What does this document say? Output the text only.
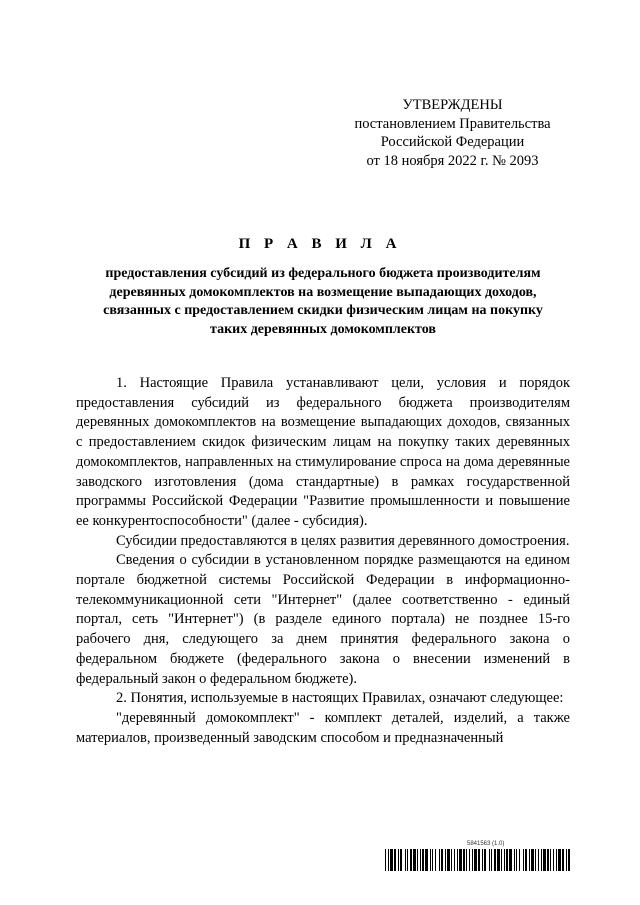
УТВЕРЖДЕНЫ
постановлением Правительства
Российской Федерации
от 18 ноября 2022 г. № 2093
П Р А В И Л А
предоставления субсидий из федерального бюджета производителям деревянных домокомплектов на возмещение выпадающих доходов, связанных с предоставлением скидки физическим лицам на покупку таких деревянных домокомплектов

1. Настоящие Правила устанавливают цели, условия и порядок предоставления субсидий из федерального бюджета производителям деревянных домокомплектов на возмещение выпадающих доходов, связанных с предоставлением скидок физическим лицам на покупку таких деревянных домокомплектов, направленных на стимулирование спроса на дома деревянные заводского изготовления (дома стандартные) в рамках государственной программы Российской Федерации "Развитие промышленности и повышение ее конкурентоспособности" (далее - субсидия).

Субсидии предоставляются в целях развития деревянного домостроения.

Сведения о субсидии в установленном порядке размещаются на едином портале бюджетной системы Российской Федерации в информационно-телекоммуникационной сети "Интернет" (далее соответственно - единый портал, сеть "Интернет") (в разделе единого портала) не позднее 15-го рабочего дня, следующего за днем принятия федерального закона о федеральном бюджете (федерального закона о внесении изменений в федеральный закон о федеральном бюджете).

2. Понятия, используемые в настоящих Правилах, означают следующее:

"деревянный домокомплект" - комплект деталей, изделий, а также материалов, произведенный заводским способом и предназначенный

5841563 (1.0)
